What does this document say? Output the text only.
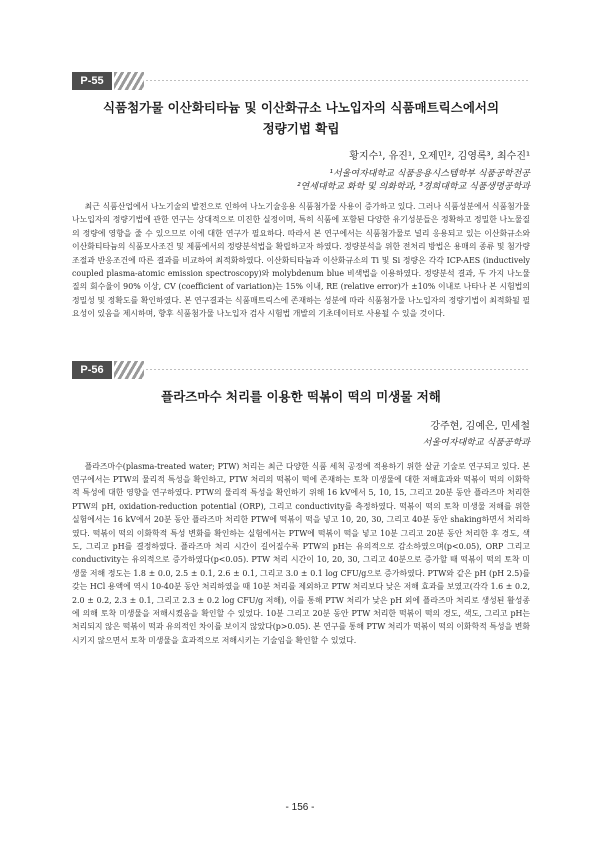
P-55
식품첨가물 이산화티타늄 및 이산화규소 나노입자의 식품매트릭스에서의
정량기법 확립
황지수¹, 유진¹, 오제민², 김영록³, 최수진¹
¹서울여자대학교 식품응용시스템학부 식품공학전공
²연세대학교 화학 및 의화학과, ³경희대학교 식품생명공학과

최근 식품산업에서 나노기술의 발전으로 인하여 나노기술응용 식품첨가물 사용이 증가하고 있다. 그러나 식품성분에서 식품첨가물 나노입자의 정량기법에 관한 연구는 상대적으로 미진한 실정이며, 특히 식품에 포함된 다양한 유기성분들은 정확하고 정밀한 나노물질의 정량에 영향을 줄 수 있으므로 이에 대한 연구가 필요하다. 따라서 본 연구에서는 식품첨가물로 널리 응용되고 있는 이산화규소와 이산화티타늄의 식품모사조건 및 제품에서의 정량분석법을 확립하고자 하였다. 정량분석을 위한 전처리 방법은 용매의 종류 및 첨가량 조절과 반응조건에 따른 결과를 비교하여 최적화하였다. 이산화티타늄과 이산화규소의 Ti 및 Si 정량은 각각 ICP-AES (inductively coupled plasma-atomic emission spectroscopy)와 molybdenum blue 비색법을 이용하였다. 정량분석 결과, 두 가지 나노물질의 회수율이 90% 이상, CV (coefficient of variation)는 15% 이내, RE (relative error)가 ±10% 이내로 나타나 본 시험법의 정밀성 및 정확도를 확인하였다. 본 연구결과는 식품매트릭스에 존재하는 성분에 따라 식품첨가물 나노입자의 정량기법이 최적화될 필요성이 있음을 제시하며, 향후 식품첨가물 나노입자 검사 시험법 개발의 기초데이터로 사용될 수 있을 것이다.

P-56
플라즈마수 처리를 이용한 떡볶이 떡의 미생물 저해
강주현, 김예은, 민세철
서울여자대학교 식품공학과

플라즈마수(plasma-treated water; PTW) 처리는 최근 다양한 식품 세척 공정에 적용하기 위한 살균 기술로 연구되고 있다. 본 연구에서는 PTW의 물리적 특성을 확인하고, PTW 처리의 떡볶이 떡에 존재하는 토착 미생물에 대한 저해효과와 떡볶이 떡의 이화학적 특성에 대한 영향을 연구하였다. PTW의 물리적 특성을 확인하기 위해 16 kV에서 5, 10, 15, 그리고 20분 동안 플라즈마 처리한 PTW의 pH, oxidation-reduction potential (ORP), 그리고 conductivity를 측정하였다. 떡볶이 떡의 토착 미생물 저해를 위한 실험에서는 16 kV에서 20분 동안 플라즈마 처리한 PTW에 떡볶이 떡을 넣고 10, 20, 30, 그리고 40분 동안 shaking하면서 처리하였다. 떡볶이 떡의 이화학적 특성 변화를 확인하는 실험에서는 PTW에 떡볶이 떡을 넣고 10분 그리고 20분 동안 처리한 후 경도, 색도, 그리고 pH를 결정하였다. 플라즈마 처리 시간이 길어질수록 PTW의 pH는 유의적으로 감소하였으며(p<0.05), ORP 그리고 conductivity는 유의적으로 증가하였다(p<0.05). PTW 처리 시간이 10, 20, 30, 그리고 40분으로 증가할 때 떡볶이 떡의 토착 미생물 저해 정도는 1.8 ± 0.0, 2.5 ± 0.1, 2.6 ± 0.1, 그리고 3.0 ± 0.1 log CFU/g으로 증가하였다. PTW와 같은 pH (pH 2.5)를 갖는 HCl 용액에 역시 10-40분 동안 처리하였을 때 10분 처리를 제외하고 PTW 처리보다 낮은 저해 효과를 보였고(각각 1.6 ± 0.2, 2.0 ± 0.2, 2.3 ± 0.1, 그리고 2.3 ± 0.2 log CFU/g 저해), 이를 통해 PTW 처리가 낮은 pH 외에 플라즈마 처리로 생성된 활성종에 의해 토착 미생물을 저해시켰음을 확인할 수 있었다. 10분 그리고 20분 동안 PTW 처리한 떡볶이 떡의 경도, 색도, 그리고 pH는 처리되지 않은 떡볶이 떡과 유의적인 차이를 보이지 않았다(p>0.05). 본 연구를 통해 PTW 처리가 떡볶이 떡의 이화학적 특성을 변화시키지 않으면서 토착 미생물을 효과적으로 저해시키는 기술임을 확인할 수 있었다.

- 156 -
